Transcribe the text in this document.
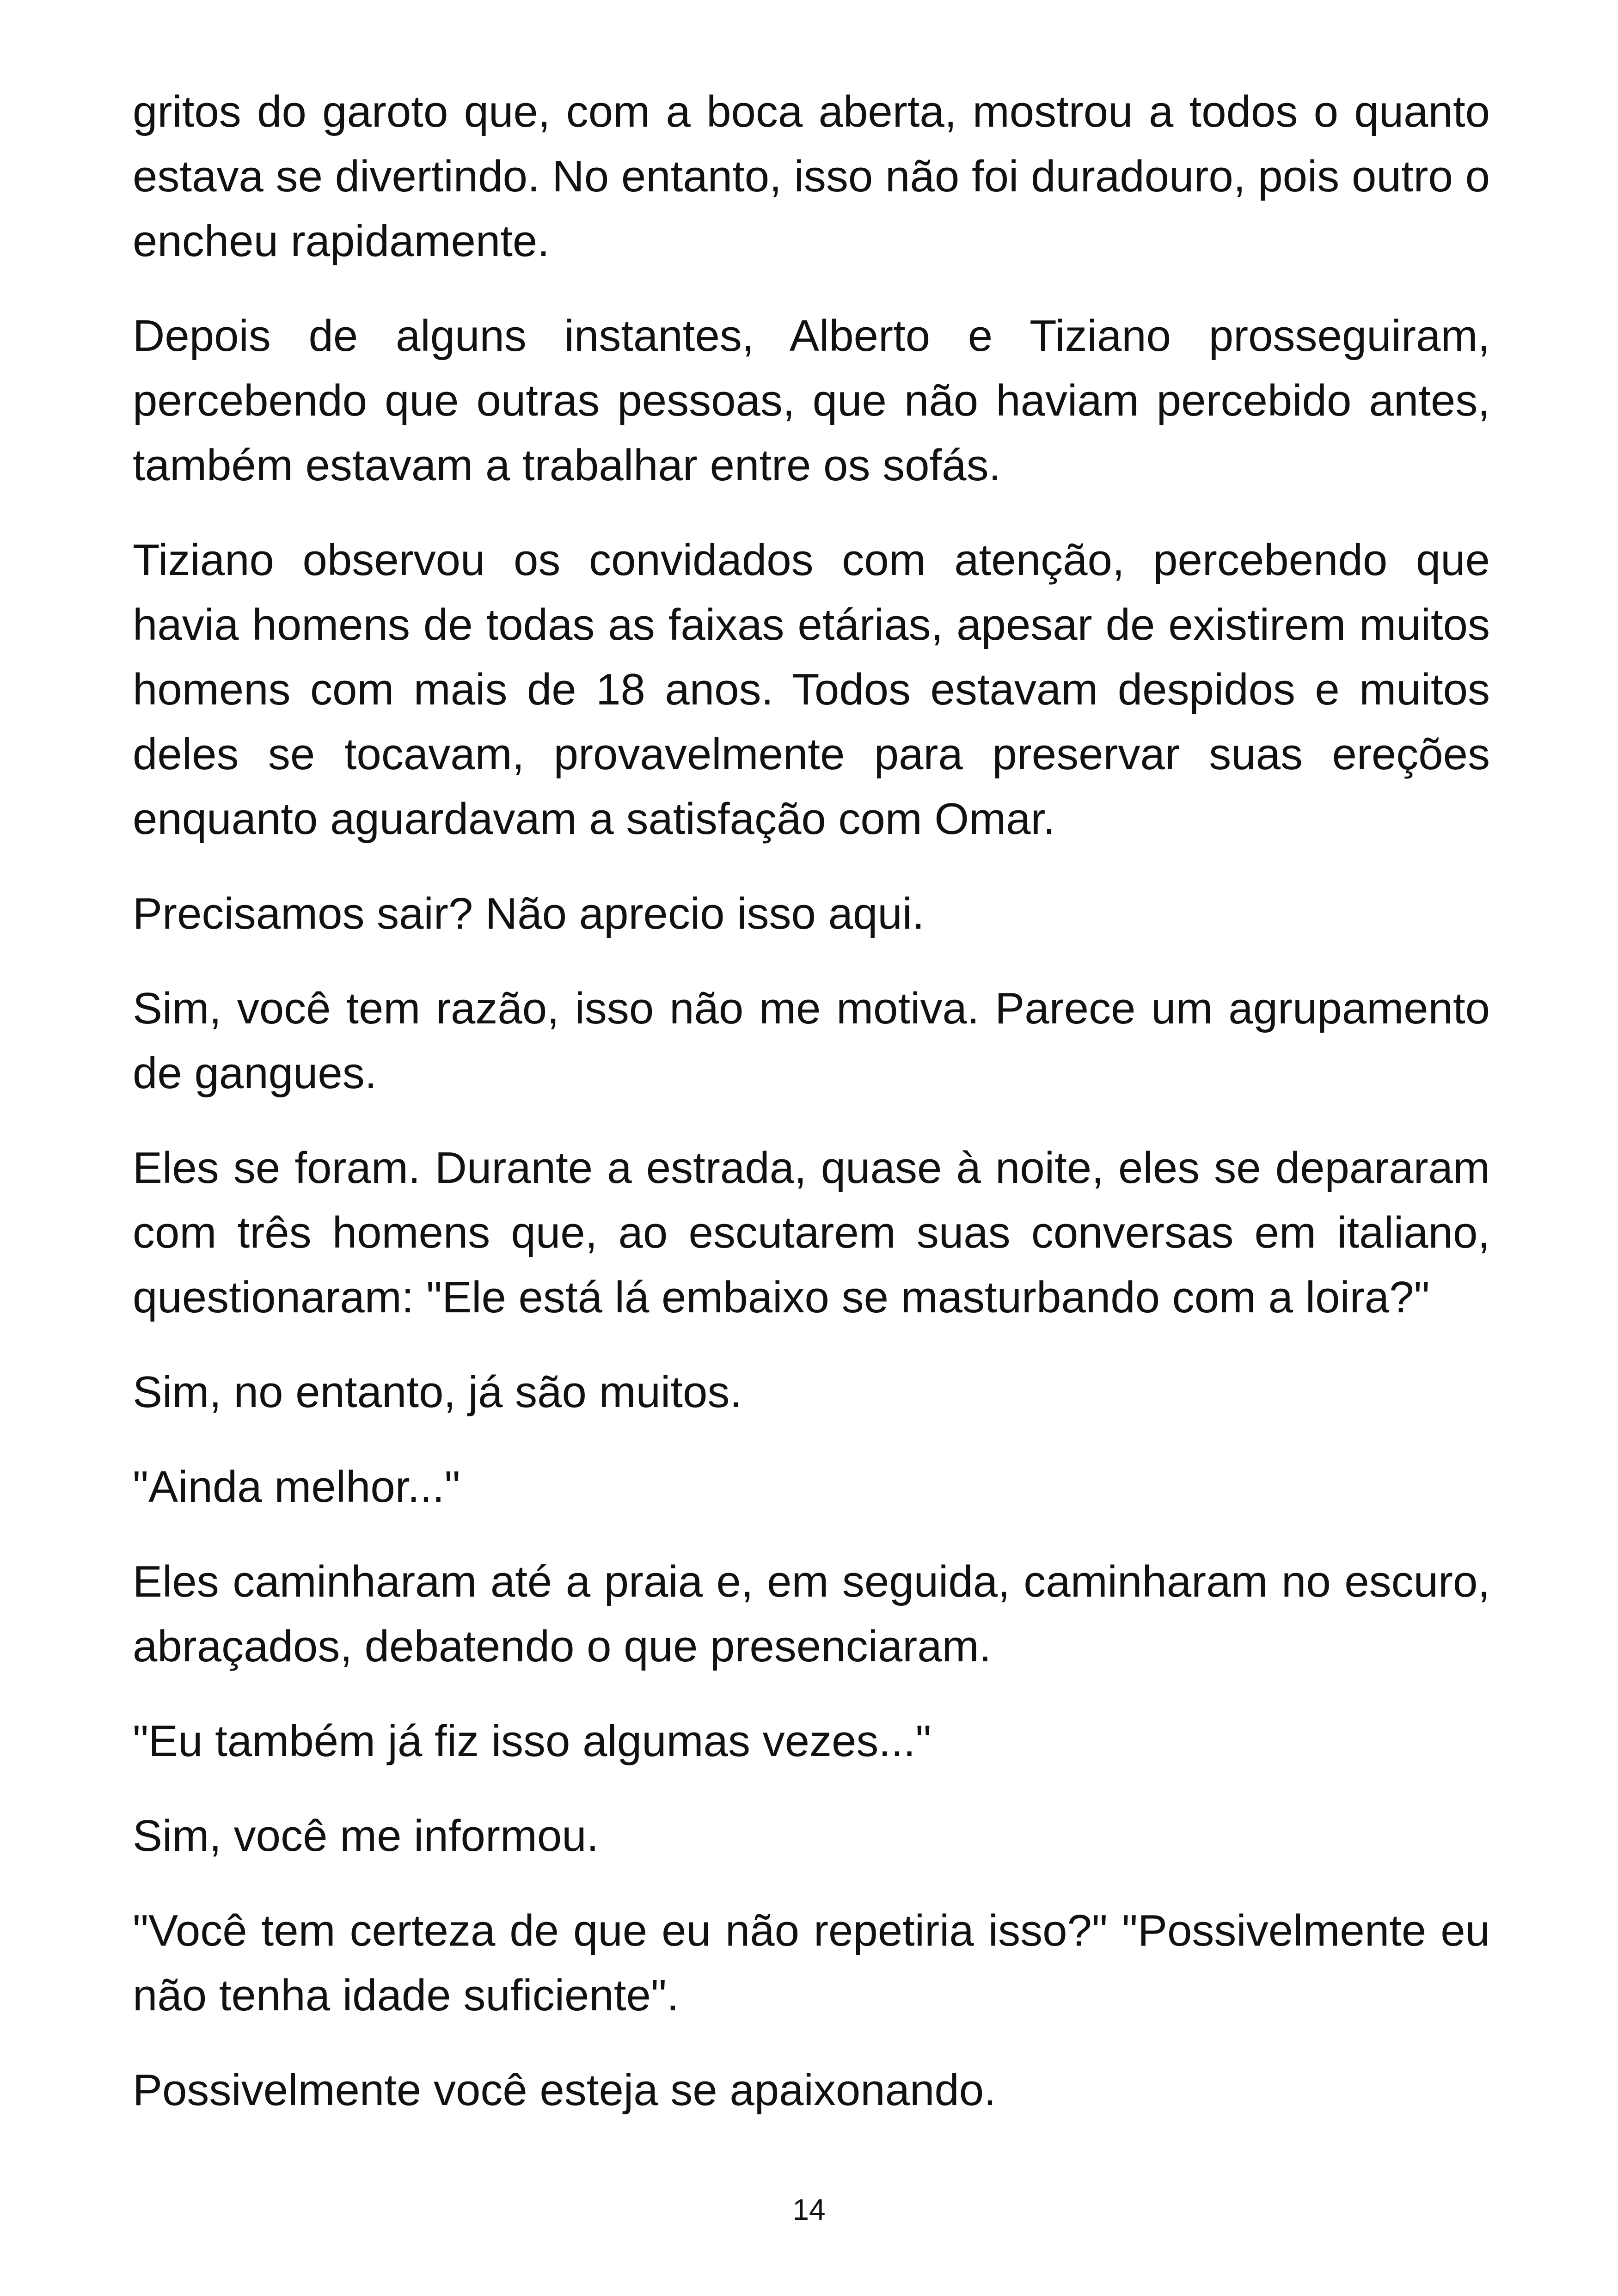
gritos do garoto que, com a boca aberta, mostrou a todos o quanto estava se divertindo. No entanto, isso não foi duradouro, pois outro o encheu rapidamente.

Depois de alguns instantes, Alberto e Tiziano prosseguiram, percebendo que outras pessoas, que não haviam percebido antes, também estavam a trabalhar entre os sofás.

Tiziano observou os convidados com atenção, percebendo que havia homens de todas as faixas etárias, apesar de existirem muitos homens com mais de 18 anos. Todos estavam despidos e muitos deles se tocavam, provavelmente para preservar suas ereções enquanto aguardavam a satisfação com Omar.

Precisamos sair? Não aprecio isso aqui.

Sim, você tem razão, isso não me motiva. Parece um agrupamento de gangues.

Eles se foram. Durante a estrada, quase à noite, eles se depararam com três homens que, ao escutarem suas conversas em italiano, questionaram: "Ele está lá embaixo se masturbando com a loira?"

Sim, no entanto, já são muitos.

"Ainda melhor..."

Eles caminharam até a praia e, em seguida, caminharam no escuro, abraçados, debatendo o que presenciaram.

"Eu também já fiz isso algumas vezes..."

Sim, você me informou.

"Você tem certeza de que eu não repetiria isso?" "Possivelmente eu não tenha idade suficiente".

Possivelmente você esteja se apaixonando.

14
